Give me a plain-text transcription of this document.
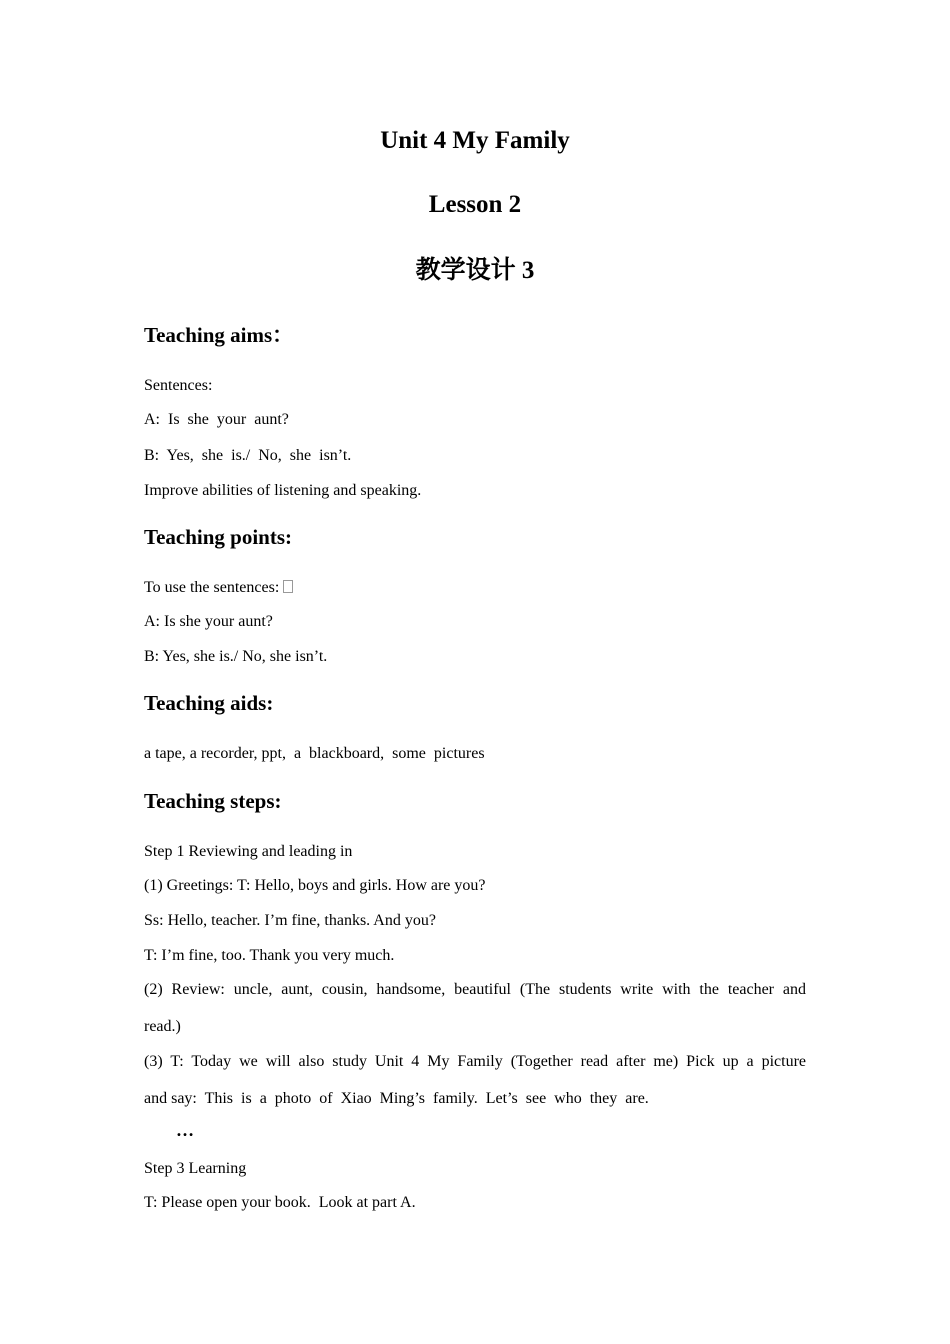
Unit 4 My Family
Lesson 2
教学设计 3
Teaching aims：
Sentences:
A:  Is  she  your  aunt?
B:  Yes,  she  is./  No,  she  isn’t.
Improve abilities of listening and speaking.
Teaching points:
To use the sentences:
A: Is she your aunt?
B: Yes, she is./ No, she isn’t.
Teaching aids:
a tape, a recorder, ppt,  a  blackboard,  some  pictures
Teaching steps:
Step 1 Reviewing and leading in
(1) Greetings: T: Hello, boys and girls. How are you?
Ss: Hello, teacher. I’m fine, thanks. And you?
T: I’m fine, too. Thank you very much.
(2) Review: uncle, aunt, cousin, handsome, beautiful (The students write with the teacher and
read.)
(3) T: Today we will also study Unit 4 My Family (Together read after me) Pick up a picture
and say:  This  is  a  photo  of  Xiao  Ming’s  family.  Let’s  see  who  they  are.
…
Step 3 Learning
T: Please open your book.  Look at part A.
